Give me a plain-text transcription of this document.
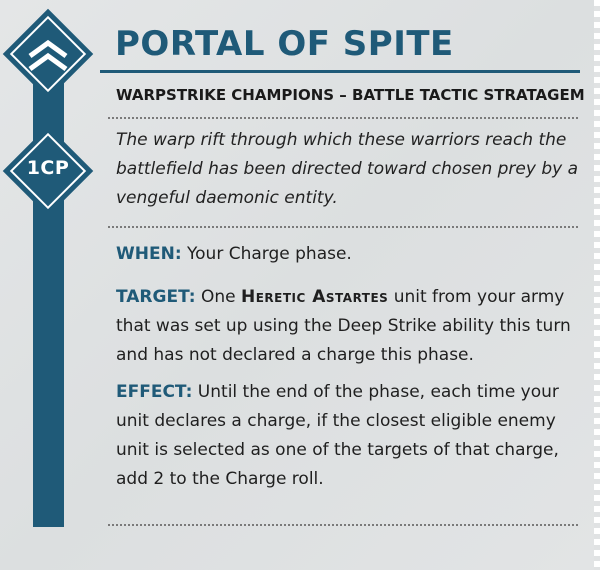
1CP
PORTAL OF SPITE
WARPSTRIKE CHAMPIONS – BATTLE TACTIC STRATAGEM
The warp rift through which these warriors reach the battlefield has been directed toward chosen prey by a vengeful daemonic entity.
WHEN: Your Charge phase.
TARGET: One Heretic Astartes unit from your army that was set up using the Deep Strike ability this turn and has not declared a charge this phase.
EFFECT: Until the end of the phase, each time your unit declares a charge, if the closest eligible enemy unit is selected as one of the targets of that charge, add 2 to the Charge roll.
